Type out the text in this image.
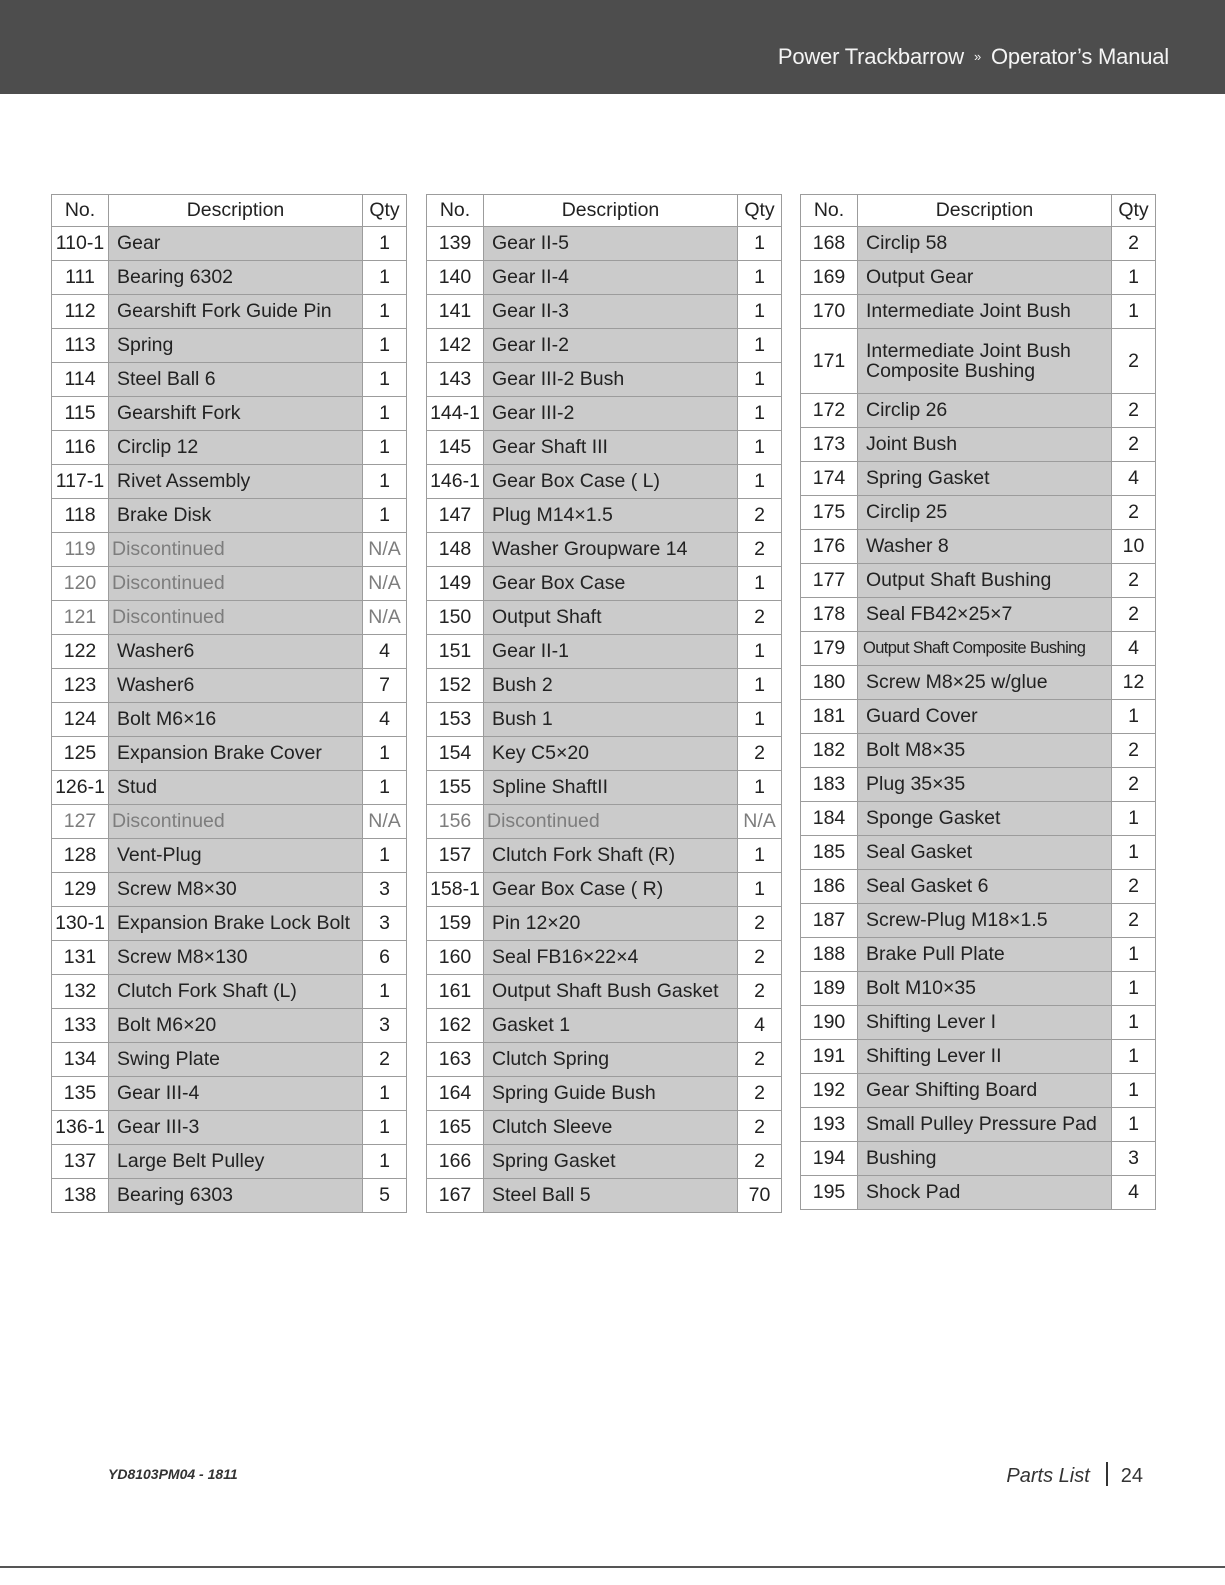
Power Trackbarrow » Operator’s Manual
No.	Description	Qty
110-1	Gear	1
111	Bearing 6302	1
112	Gearshift Fork Guide Pin	1
113	Spring	1
114	Steel Ball 6	1
115	Gearshift Fork	1
116	Circlip 12	1
117-1	Rivet Assembly	1
118	Brake Disk	1
119	Discontinued	N/A
120	Discontinued	N/A
121	Discontinued	N/A
122	Washer6	4
123	Washer6	7
124	Bolt M6×16	4
125	Expansion Brake Cover	1
126-1	Stud	1
127	Discontinued	N/A
128	Vent-Plug	1
129	Screw M8×30	3
130-1	Expansion Brake Lock Bolt	3
131	Screw M8×130	6
132	Clutch Fork Shaft (L)	1
133	Bolt M6×20	3
134	Swing Plate	2
135	Gear III-4	1
136-1	Gear III-3	1
137	Large Belt Pulley	1
138	Bearing 6303	5
No.	Description	Qty
139	Gear II-5	1
140	Gear II-4	1
141	Gear II-3	1
142	Gear II-2	1
143	Gear III-2 Bush	1
144-1	Gear III-2	1
145	Gear Shaft III	1
146-1	Gear Box Case ( L)	1
147	Plug M14×1.5	2
148	Washer Groupware 14	2
149	Gear Box Case	1
150	Output Shaft	2
151	Gear II-1	1
152	Bush 2	1
153	Bush 1	1
154	Key C5×20	2
155	Spline ShaftII	1
156	Discontinued	N/A
157	Clutch Fork Shaft (R)	1
158-1	Gear Box Case ( R)	1
159	Pin 12×20	2
160	Seal FB16×22×4	2
161	Output Shaft Bush Gasket	2
162	Gasket 1	4
163	Clutch Spring	2
164	Spring Guide Bush	2
165	Clutch Sleeve	2
166	Spring Gasket	2
167	Steel Ball 5	70
No.	Description	Qty
168	Circlip 58	2
169	Output Gear	1
170	Intermediate Joint Bush	1
171	Intermediate Joint Bush Composite Bushing	2
172	Circlip 26	2
173	Joint Bush	2
174	Spring Gasket	4
175	Circlip 25	2
176	Washer 8	10
177	Output Shaft Bushing	2
178	Seal FB42×25×7	2
179	Output Shaft Composite Bushing	4
180	Screw M8×25 w/glue	12
181	Guard Cover	1
182	Bolt M8×35	2
183	Plug 35×35	2
184	Sponge Gasket	1
185	Seal Gasket	1
186	Seal Gasket 6	2
187	Screw-Plug M18×1.5	2
188	Brake Pull Plate	1
189	Bolt M10×35	1
190	Shifting Lever I	1
191	Shifting Lever II	1
192	Gear Shifting Board	1
193	Small Pulley Pressure Pad	1
194	Bushing	3
195	Shock Pad	4
YD8103PM04 - 1811	Parts List 24
